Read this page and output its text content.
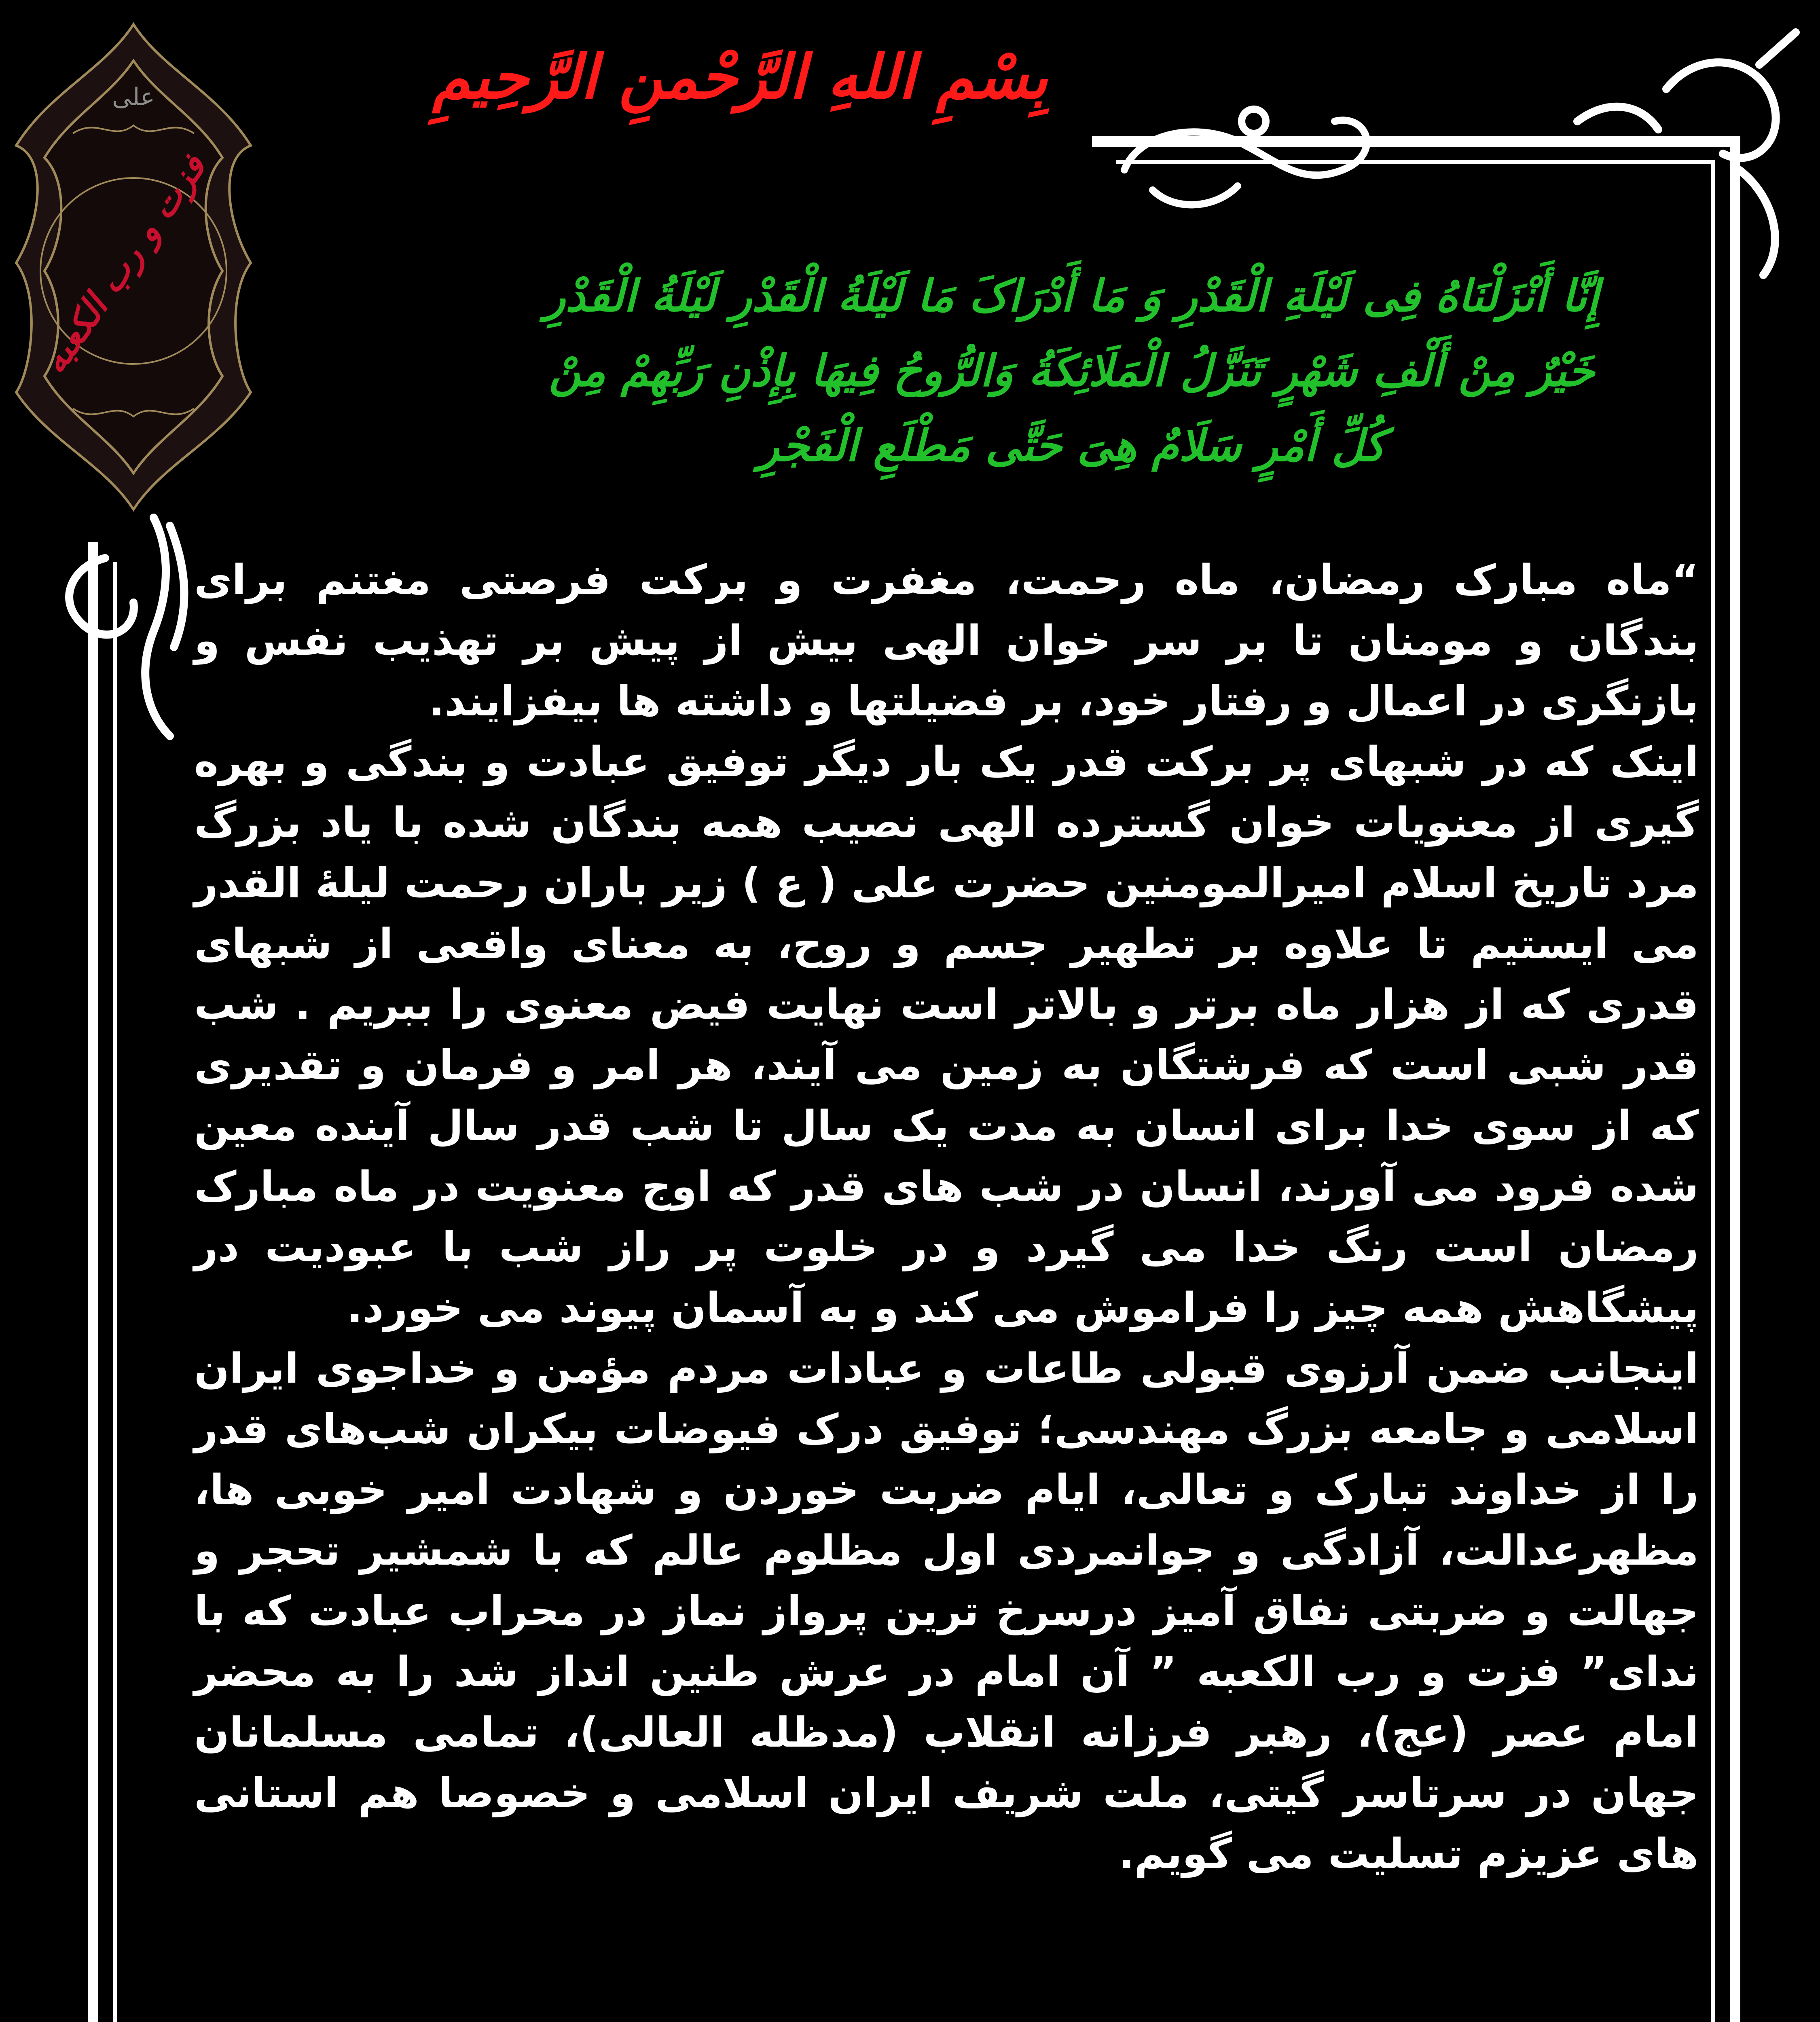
علی
فزت و رب الکعبه
بِسْمِ اللهِ الرَّحْمنِ الرَّحِیمِ
إِنَّا أَنْزَلْنَاهُ فِی لَیْلَةِ الْقَدْرِ وَ مَا أَدْرَاکَ مَا لَیْلَةُ الْقَدْرِ لَیْلَةُ الْقَدْرِ
خَیْرٌ مِنْ أَلْفِ شَهْرٍ تَنَزَّلُ الْمَلَائِکَةُ وَالرُّوحُ فِیهَا بِإِذْنِ رَبِّهِمْ مِنْ
کُلِّ أَمْرٍ سَلَامٌ هِیَ حَتَّی مَطْلَعِ الْفَجْرِ

“ماه مبارک رمضان، ماه رحمت، مغفرت و برکت فرصتی مغتنم برای بندگان و مومنان تا بر سر خوان الهی بیش از پیش بر تهذیب نفس و بازنگری در اعمال و رفتار خود، بر فضیلتها و داشته ها بیفزایند.

اینک که در شبهای پر برکت قدر یک بار دیگر توفیق عبادت و بندگی و بهره گیری از معنویات خوان گسترده الهی نصیب همه بندگان شده با یاد بزرگ مرد تاریخ اسلام امیرالمومنین حضرت علی ( ع ) زیر باران رحمت لیلهٔ القدر می ایستیم تا علاوه بر تطهیر جسم و روح، به معنای واقعی از شبهای قدری که از هزار ماه برتر و بالاتر است نهایت فیض معنوی را ببریم . شب قدر شبی است که فرشتگان به زمین می آیند، هر امر و فرمان و تقدیری که از سوی خدا برای انسان به مدت یک سال تا شب قدر سال آینده معین شده فرود می آورند، انسان در شب های قدر که اوج معنویت در ماه مبارک رمضان است رنگ خدا می گیرد و در خلوت پر راز شب با عبودیت در پیشگاهش همه چیز را فراموش می کند و به آسمان پیوند می خورد.

اینجانب ضمن آرزوی قبولی طاعات و عبادات مردم مؤمن و خداجوی ایران اسلامی و جامعه بزرگ مهندسی؛ توفیق درک فیوضات بیکران شب‌های قدر را از خداوند تبارک و تعالی، ایام ضربت خوردن و شهادت امیر خوبی ها، مظهرعدالت، آزادگی و جوانمردی اول مظلوم عالم که با شمشیر تحجر و جهالت و ضربتی نفاق آمیز درسرخ ترین پرواز نماز در محراب عبادت که با ندای” فزت و رب الکعبه ” آن امام در عرش طنین انداز شد را به محضر امام عصر (عج)، رهبر فرزانه انقلاب (مدظله العالی)، تمامی مسلمانان جهان در سرتاسر گیتی، ملت شریف ایران اسلامی و خصوصا هم استانی های عزیزم تسلیت می گویم.
